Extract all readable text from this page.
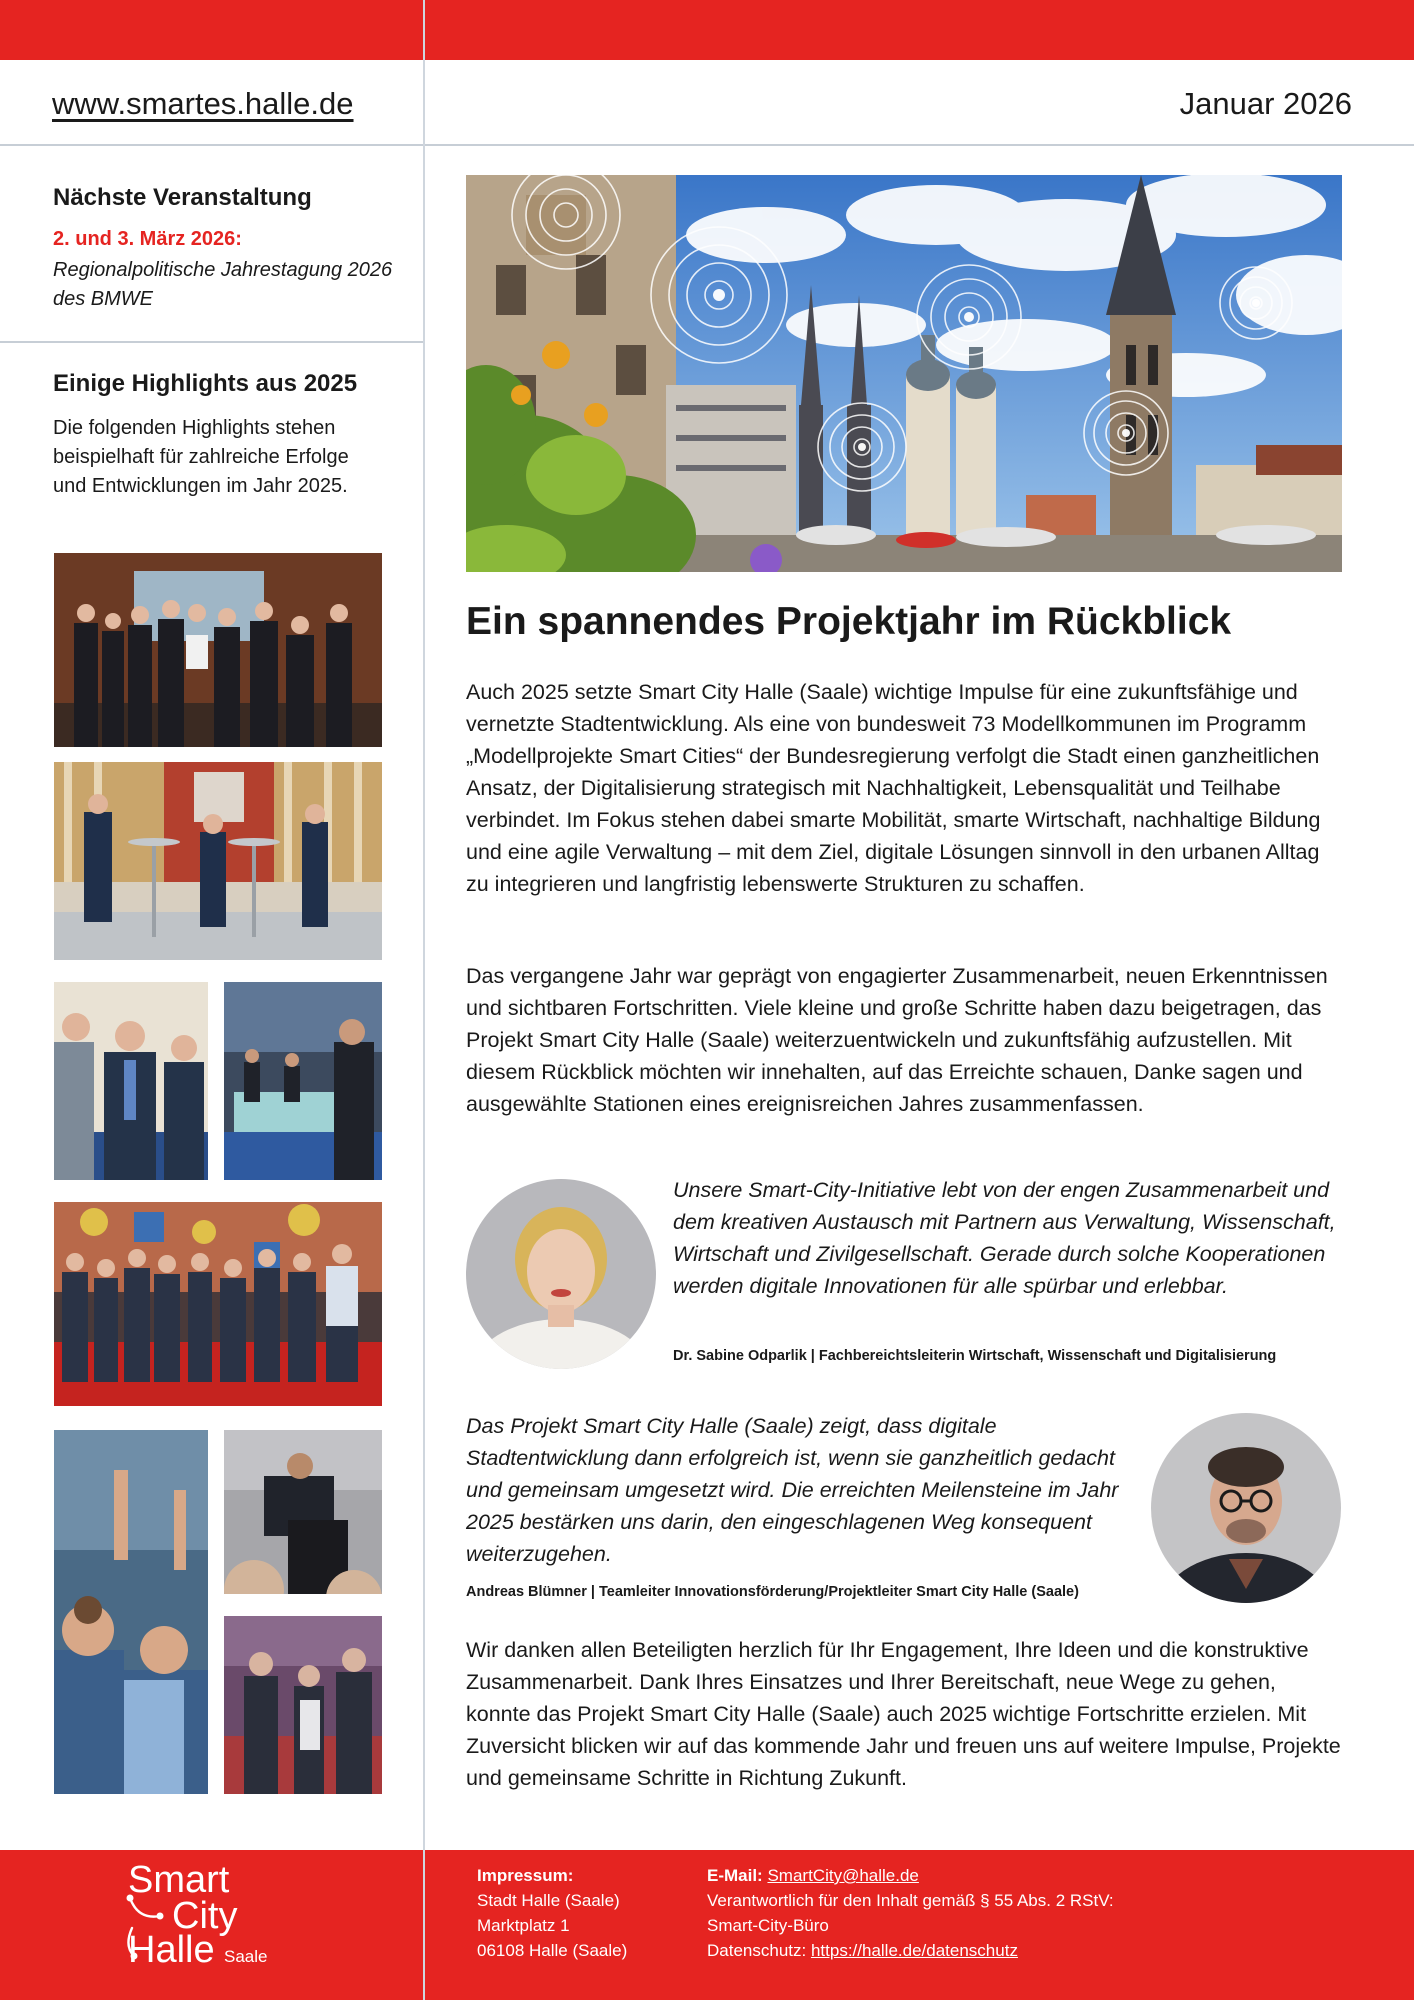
www.smartes.halle.de	Januar 2026
Nächste Veranstaltung
2. und 3. März 2026:
Regionalpolitische Jahrestagung 2026 des BMWE
Einige Highlights aus 2025
Die folgenden Highlights stehen beispielhaft für zahlreiche Erfolge und Entwicklungen im Jahr 2025.
Ein spannendes Projektjahr im Rückblick
Auch 2025 setzte Smart City Halle (Saale) wichtige Impulse für eine zukunftsfähige und vernetzte Stadtentwicklung. Als eine von bundesweit 73 Modellkommunen im Programm „Modellprojekte Smart Cities“ der Bundesregierung verfolgt die Stadt einen ganzheitlichen Ansatz, der Digitalisierung strategisch mit Nachhaltigkeit, Lebensqualität und Teilhabe verbindet. Im Fokus stehen dabei smarte Mobilität, smarte Wirtschaft, nachhaltige Bildung und eine agile Verwaltung – mit dem Ziel, digitale Lösungen sinnvoll in den urbanen Alltag zu integrieren und langfristig lebenswerte Strukturen zu schaffen.
Das vergangene Jahr war geprägt von engagierter Zusammenarbeit, neuen Erkenntnissen und sichtbaren Fortschritten. Viele kleine und große Schritte haben dazu beigetragen, das Projekt Smart City Halle (Saale) weiterzuentwickeln und zukunftsfähig aufzustellen. Mit diesem Rückblick möchten wir innehalten, auf das Erreichte schauen, Danke sagen und ausgewählte Stationen eines ereignisreichen Jahres zusammenfassen.
Unsere Smart-City-Initiative lebt von der engen Zusammenarbeit und dem kreativen Austausch mit Partnern aus Verwaltung, Wissenschaft, Wirtschaft und Zivilgesellschaft. Gerade durch solche Kooperationen werden digitale Innovationen für alle spürbar und erlebbar.
Dr. Sabine Odparlik | Fachbereichtsleiterin Wirtschaft, Wissenschaft und Digitalisierung
Das Projekt Smart City Halle (Saale) zeigt, dass digitale Stadtentwicklung dann erfolgreich ist, wenn sie ganzheitlich gedacht und gemeinsam umgesetzt wird. Die erreichten Meilensteine im Jahr 2025 bestärken uns darin, den eingeschlagenen Weg konsequent weiterzugehen.
Andreas Blümner | Teamleiter Innovationsförderung/Projektleiter Smart City Halle (Saale)
Wir danken allen Beteiligten herzlich für Ihr Engagement, Ihre Ideen und die konstruktive Zusammenarbeit. Dank Ihres Einsatzes und Ihrer Bereitschaft, neue Wege zu gehen, konnte das Projekt Smart City Halle (Saale) auch 2025 wichtige Fortschritte erzielen. Mit Zuversicht blicken wir auf das kommende Jahr und freuen uns auf weitere Impulse, Projekte und gemeinsame Schritte in Richtung Zukunft.
Smart
City
Halle Saale
Impressum:
Stadt Halle (Saale)
Marktplatz 1
06108 Halle (Saale)
E-Mail: SmartCity@halle.de
Verantwortlich für den Inhalt gemäß § 55 Abs. 2 RStV:
Smart-City-Büro
Datenschutz: https://halle.de/datenschutz
